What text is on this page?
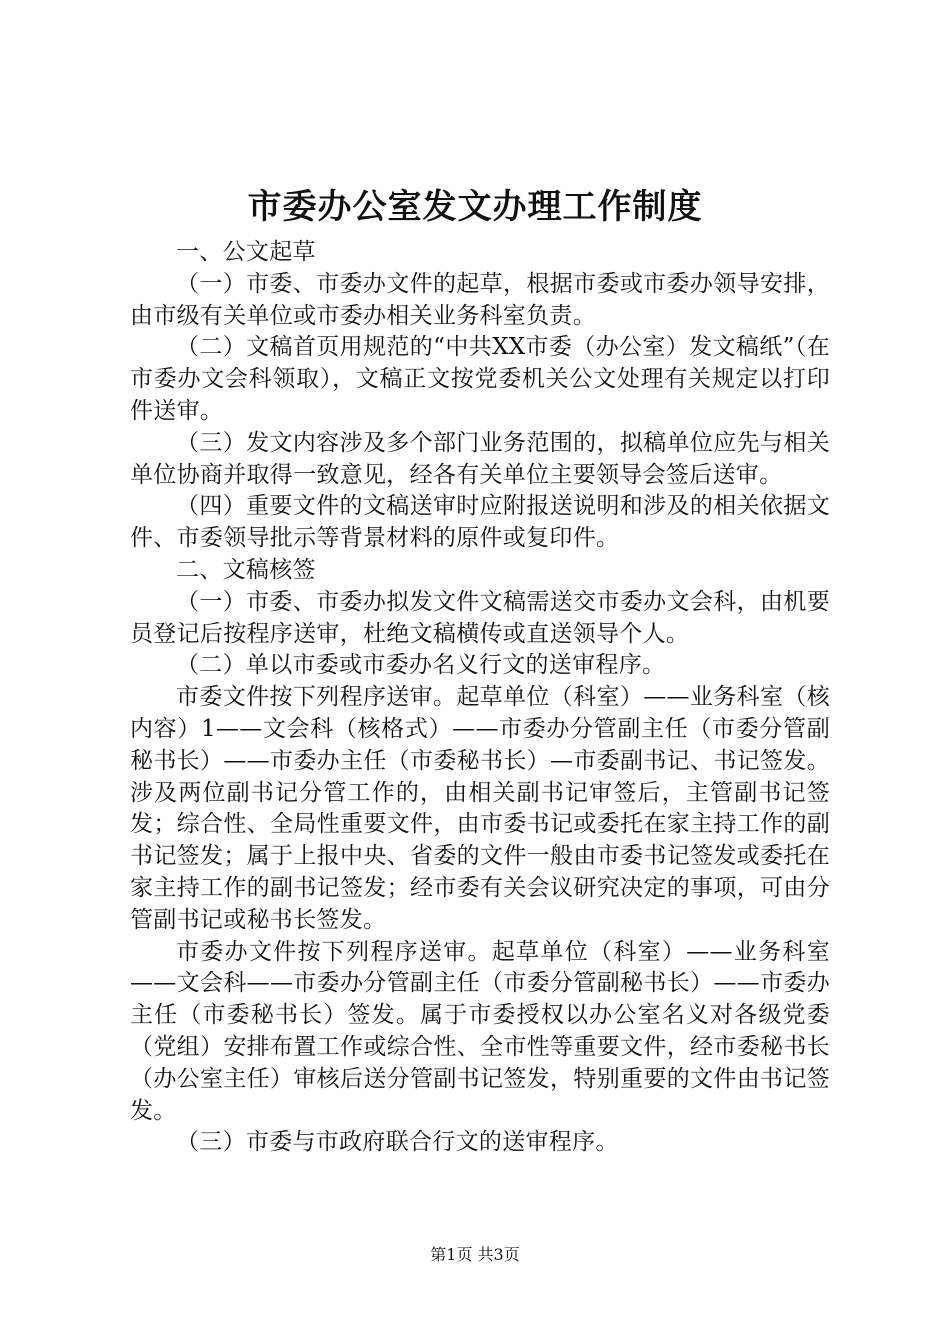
市委办公室发文办理工作制度

一、公文起草

（一）市委、市委办文件的起草，根据市委或市委办领导安排，由市级有关单位或市委办相关业务科室负责。

（二）文稿首页用规范的“中共XX市委（办公室）发文稿纸”（在市委办文会科领取），文稿正文按党委机关公文处理有关规定以打印件送审。

（三）发文内容涉及多个部门业务范围的，拟稿单位应先与相关单位协商并取得一致意见，经各有关单位主要领导会签后送审。

（四）重要文件的文稿送审时应附报送说明和涉及的相关依据文件、市委领导批示等背景材料的原件或复印件。

二、文稿核签

（一）市委、市委办拟发文件文稿需送交市委办文会科，由机要员登记后按程序送审，杜绝文稿横传或直送领导个人。

（二）单以市委或市委办名义行文的送审程序。

市委文件按下列程序送审。起草单位（科室）——业务科室（核内容）1——文会科（核格式）——市委办分管副主任（市委分管副秘书长）——市委办主任（市委秘书长）—市委副书记、书记签发。涉及两位副书记分管工作的，由相关副书记审签后，主管副书记签发；综合性、全局性重要文件，由市委书记或委托在家主持工作的副书记签发；属于上报中央、省委的文件一般由市委书记签发或委托在家主持工作的副书记签发；经市委有关会议研究决定的事项，可由分管副书记或秘书长签发。

市委办文件按下列程序送审。起草单位（科室）——业务科室——文会科——市委办分管副主任（市委分管副秘书长）——市委办主任（市委秘书长）签发。属于市委授权以办公室名义对各级党委（党组）安排布置工作或综合性、全市性等重要文件，经市委秘书长（办公室主任）审核后送分管副书记签发，特别重要的文件由书记签发。

（三）市委与市政府联合行文的送审程序。

第1页 共3页
